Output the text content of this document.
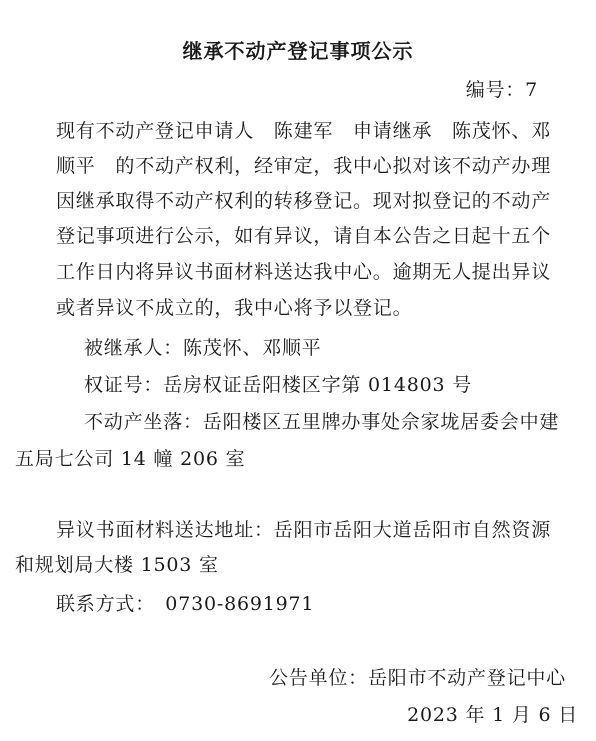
继承不动产登记事项公示
编号：7
现有不动产登记申请人　陈建军　申请继承　陈茂怀、邓
顺平　的不动产权利，经审定，我中心拟对该不动产办理
因继承取得不动产权利的转移登记。现对拟登记的不动产
登记事项进行公示，如有异议，请自本公告之日起十五个
工作日内将异议书面材料送达我中心。逾期无人提出异议
或者异议不成立的，我中心将予以登记。
被继承人：陈茂怀、邓顺平
权证号：岳房权证岳阳楼区字第 014803 号
不动产坐落：岳阳楼区五里牌办事处佘家垅居委会中建
五局七公司 14 幢 206 室
异议书面材料送达地址：岳阳市岳阳大道岳阳市自然资源
和规划局大楼 1503 室
联系方式：　0730-8691971
公告单位：岳阳市不动产登记中心
2023 年 1 月 6 日
